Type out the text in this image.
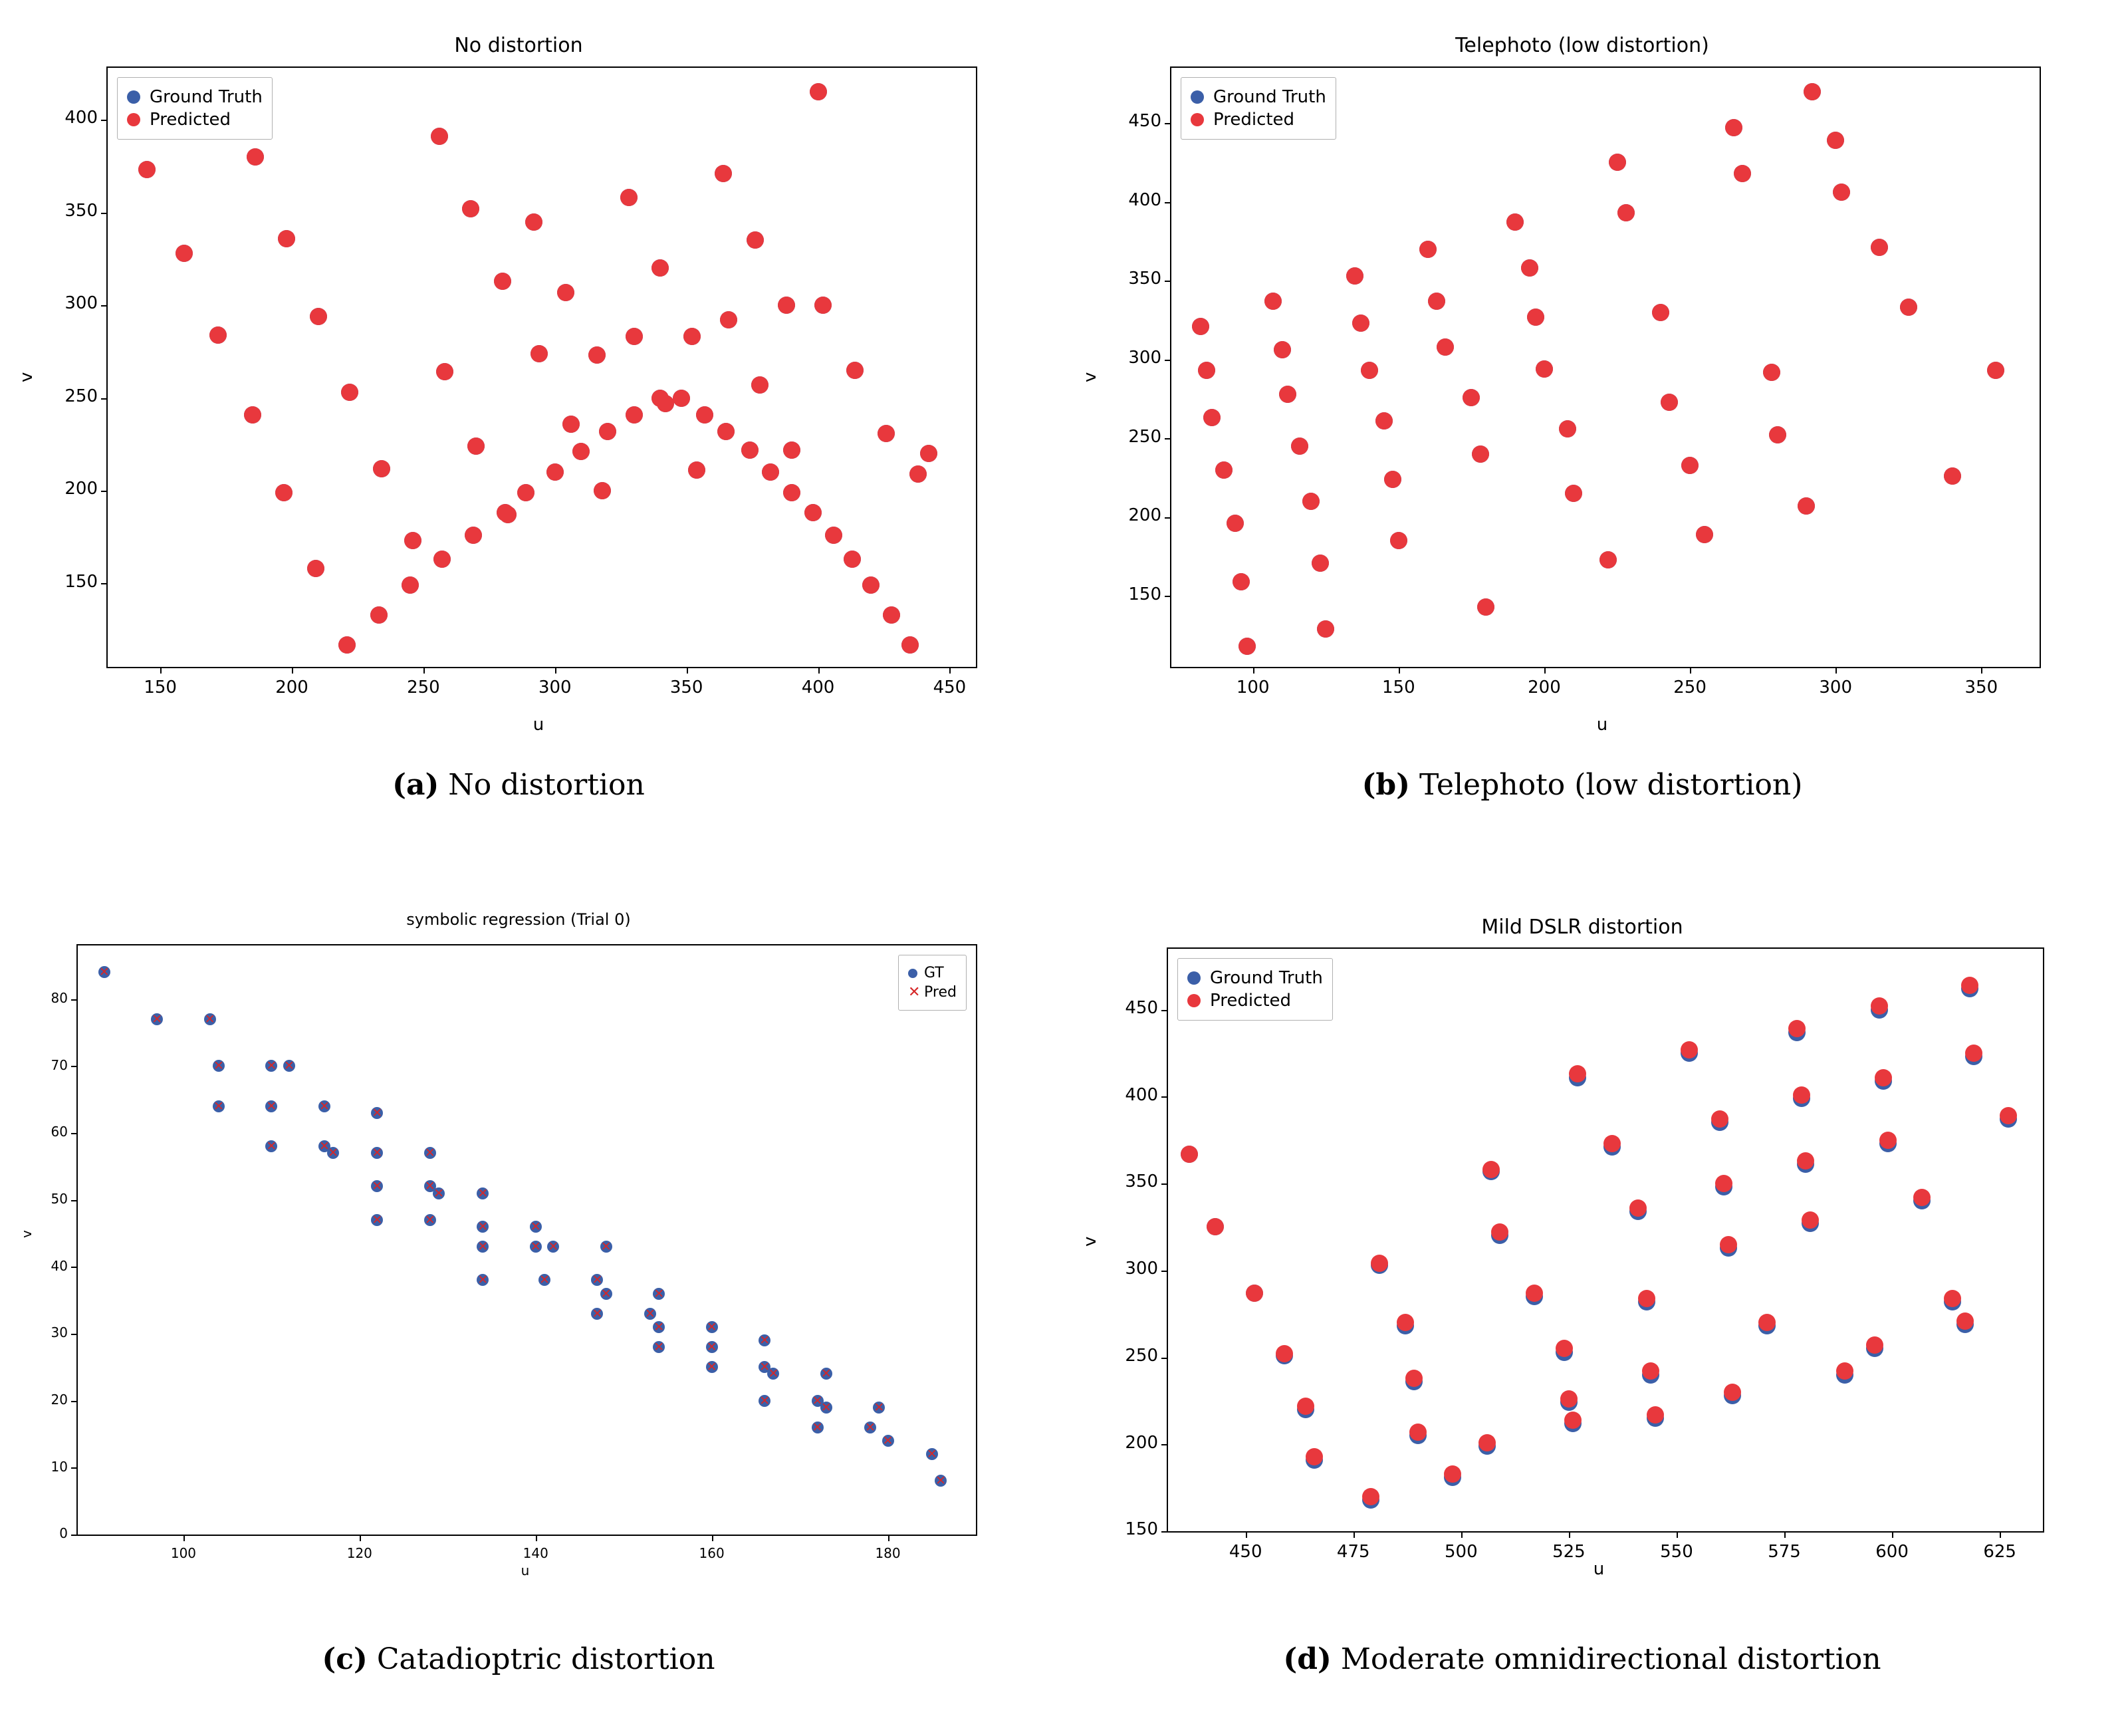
No distortion

v
u
Ground Truth
Predicted
150	200	250	300	350	400	450
150
200
250
300
350
400

Telephoto (low distortion)

v
u
Ground Truth
Predicted
100	150	200	250	300	350
150
200
250
300
350
400
450
(a) No distortion	(b) Telephoto (low distortion)

symbolic regression (Trial 0)

v
u
GT
✕ Pred
100	120	140	160	180
0
10
20
30
40
50
60
70
80
✕
✕	✕
✕	✕ ✕
✕	✕	✕	✕
✕	✕
✕	✕	✕
✕	✕
✕	✕
✕	✕	✕	✕
✕	✕ ✕	✕
✕	✕	✕
✕	✕
✕	✕
✕	✕
✕	✕	✕
✕	✕
✕	✕
✕	✕
✕	✕
✕	✕
✕
✕
✕

Mild DSLR distortion

v
u
Ground Truth
Predicted
450	475	500	525	550	575	600	625
150
200
250
300
350
400
450
(c) Catadioptric distortion	(d) Moderate omnidirectional distortion
